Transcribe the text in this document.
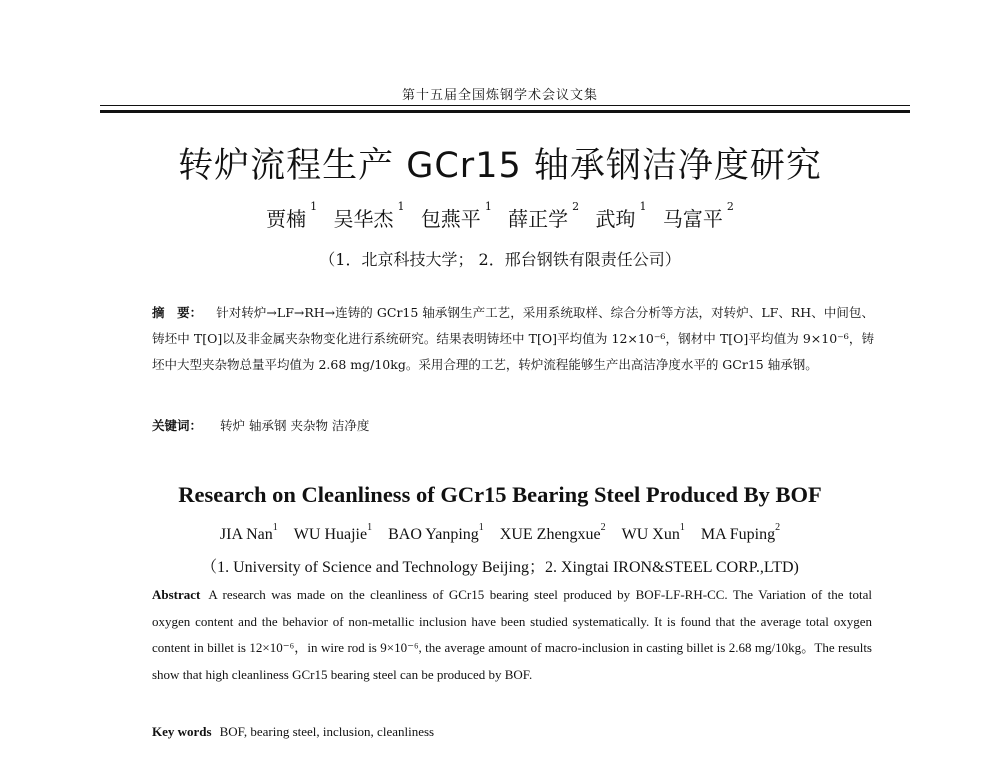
第十五届全国炼钢学术会议文集
转炉流程生产 GCr15 轴承钢洁净度研究
贾楠$^1$ 吴华杰$^1$ 包燕平$^1$ 薛正学$^2$ 武珣$^1$ 马富平$^2$
（1．北京科技大学； 2．邢台钢铁有限责任公司）
摘　要： 针对转炉→LF→RH→连铸的 GCr15 轴承钢生产工艺，采用系统取样、综合分析等方法，对转炉、LF、RH、中间包、铸坯中 T[O]以及非金属夹杂物变化进行系统研究。结果表明铸坯中 T[O]平均值为 12×10⁻⁶，钢材中 T[O]平均值为 9×10⁻⁶，铸坯中大型夹杂物总量平均值为 2.68 mg/10kg。采用合理的工艺，转炉流程能够生产出高洁净度水平的 GCr15 轴承钢。
关键词： 转炉 轴承钢 夹杂物 洁净度
Research on Cleanliness of GCr15 Bearing Steel Produced By BOF
JIA Nan$^1$ WU Huajie$^1$ BAO Yanping$^1$ XUE Zhengxue$^2$ WU Xun$^1$ MA Fuping$^2$
（1. University of Science and Technology Beijing；2. Xingtai IRON&STEEL CORP.,LTD)
Abstract A research was made on the cleanliness of GCr15 bearing steel produced by BOF-LF-RH-CC. The Variation of the total oxygen content and the behavior of non-metallic inclusion have been studied systematically. It is found that the average total oxygen content in billet is 12×10⁻⁶，in wire rod is 9×10⁻⁶, the average amount of macro-inclusion in casting billet is 2.68 mg/10kg。The results show that high cleanliness GCr15 bearing steel can be produced by BOF.
Key words BOF, bearing steel, inclusion, cleanliness
